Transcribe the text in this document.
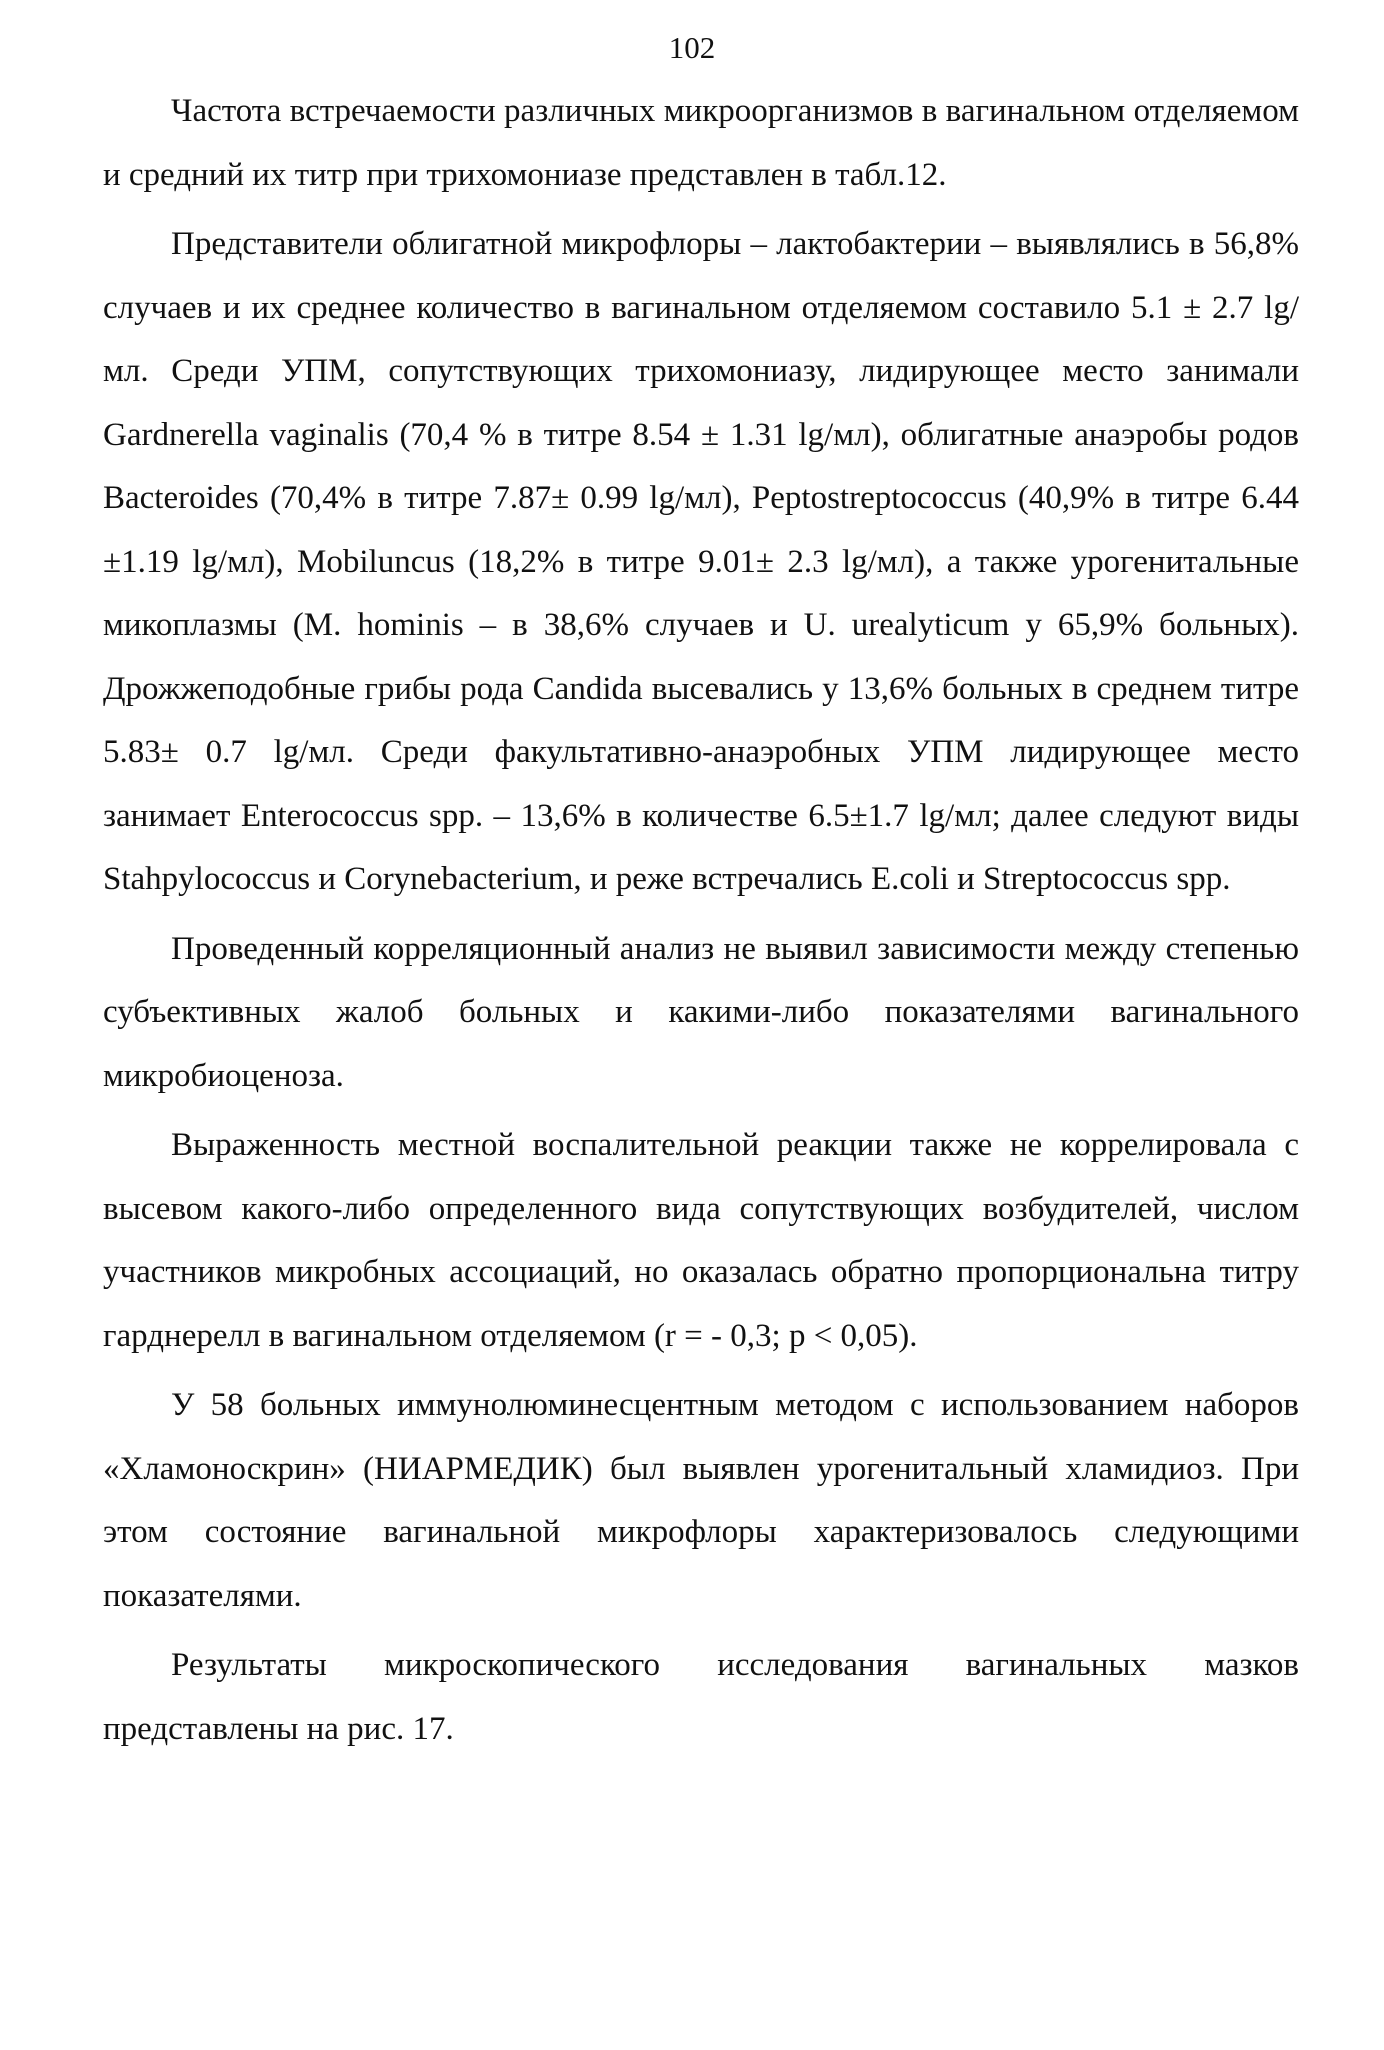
102

Частота встречаемости различных микроорганизмов в вагинальном отделяемом и средний их титр при трихомониазе представлен в табл.12.

Представители облигатной микрофлоры – лактобактерии – выявлялись в 56,8% случаев и их среднее количество в вагинальном отделяемом составило 5.1 ± 2.7 lg/мл. Среди УПМ, сопутствующих трихомониазу, лидирующее место занимали Gardnerella vaginalis (70,4 % в титре 8.54 ± 1.31 lg/мл), облигатные анаэробы родов Bacteroides (70,4% в титре 7.87± 0.99 lg/мл), Peptostreptococcus (40,9% в титре 6.44 ±1.19 lg/мл), Mobiluncus (18,2% в титре 9.01± 2.3 lg/мл), а также урогенитальные микоплазмы (M. hominis – в 38,6% случаев и U. urealyticum у 65,9% больных). Дрожжеподобные грибы рода Candida высевались у 13,6% больных в среднем титре 5.83± 0.7 lg/мл. Среди факультативно-анаэробных УПМ лидирующее место занимает Enterococcus spp. – 13,6% в количестве 6.5±1.7 lg/мл; далее следуют виды Stahpylococcus и Corynebacterium, и реже встречались E.coli и Streptococcus spp.

Проведенный корреляционный анализ не выявил зависимости между степенью субъективных жалоб больных и какими-либо показателями вагинального микробиоценоза.

Выраженность местной воспалительной реакции также не коррелировала с высевом какого-либо определенного вида сопутствующих возбудителей, числом участников микробных ассоциаций, но оказалась обратно пропорциональна титру гарднерелл в вагинальном отделяемом (r = - 0,3; p < 0,05).

У 58 больных иммунолюминесцентным методом с использованием наборов «Хламоноскрин» (НИАРМЕДИК) был выявлен урогенитальный хламидиоз. При этом состояние вагинальной микрофлоры характеризовалось следующими показателями.

Результаты микроскопического исследования вагинальных мазков представлены на рис. 17.
